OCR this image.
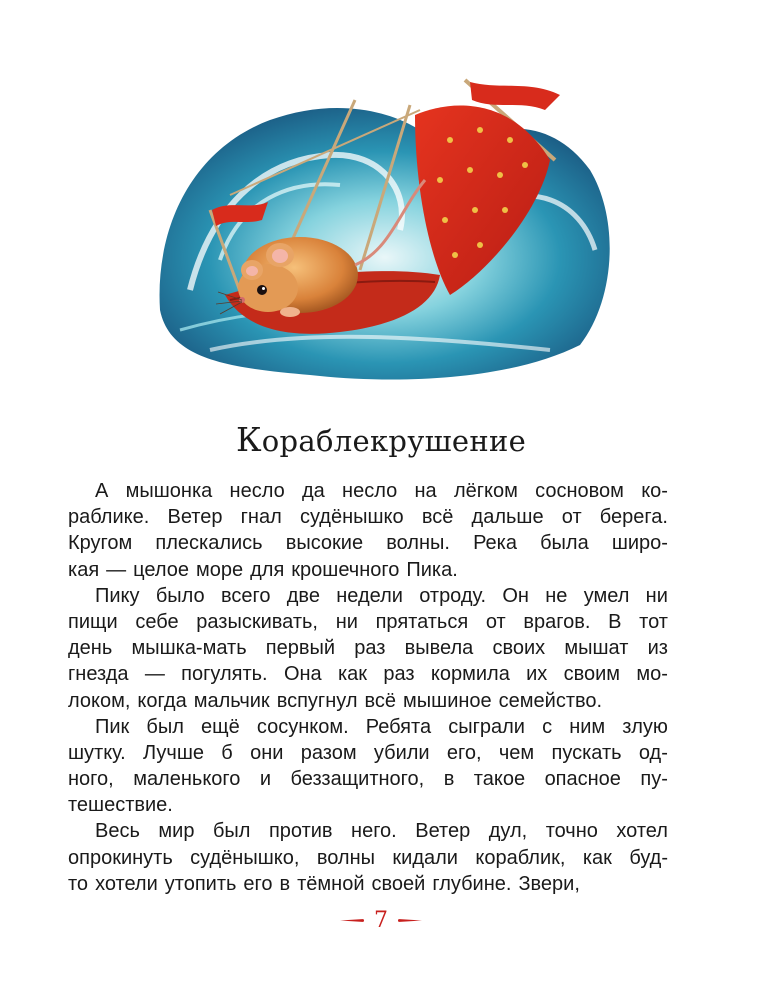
Кораблекрушение
А мышонка несло да несло на лёгком сосновом ко-
раблике. Ветер гнал судёнышко всё дальше от берега.
Кругом плескались высокие волны. Река была широ-
кая — целое море для крошечного Пика.
Пику было всего две недели отроду. Он не умел ни
пищи себе разыскивать, ни прятаться от врагов. В тот
день мышка-мать первый раз вывела своих мышат из
гнезда — погулять. Она как раз кормила их своим мо-
локом, когда мальчик вспугнул всё мышиное семейство.
Пик был ещё сосунком. Ребята сыграли с ним злую
шутку. Лучше б они разом убили его, чем пускать од-
ного, маленького и беззащитного, в такое опасное пу-
тешествие.
Весь мир был против него. Ветер дул, точно хотел
опрокинуть судёнышко, волны кидали кораблик, как буд-
то хотели утопить его в тёмной своей глубине. Звери,
7
